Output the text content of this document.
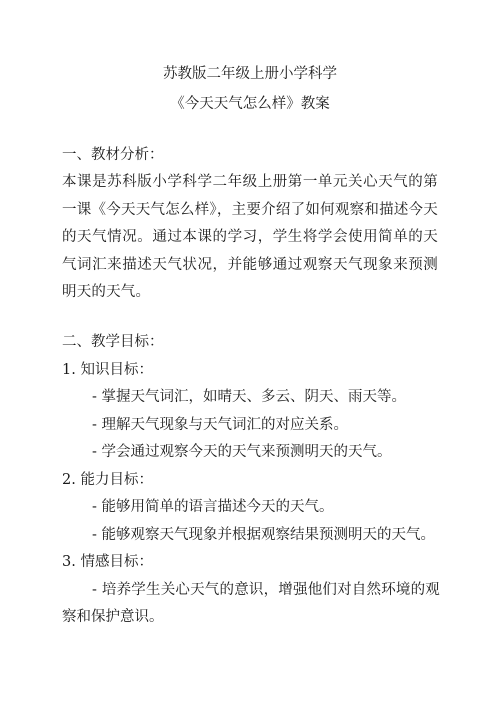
苏教版二年级上册小学科学

《今天天气怎么样》教案

一、教材分析：

本课是苏科版小学科学二年级上册第一单元关心天气的第

一课《今天天气怎么样》，主要介绍了如何观察和描述今天

的天气情况。通过本课的学习，学生将学会使用简单的天

气词汇来描述天气状况，并能够通过观察天气现象来预测

明天的天气。

二、教学目标：

1. 知识目标：

- 掌握天气词汇，如晴天、多云、阴天、雨天等。

- 理解天气现象与天气词汇的对应关系。

- 学会通过观察今天的天气来预测明天的天气。

2. 能力目标：

- 能够用简单的语言描述今天的天气。

- 能够观察天气现象并根据观察结果预测明天的天气。

3. 情感目标：

- 培养学生关心天气的意识，增强他们对自然环境的观

察和保护意识。
